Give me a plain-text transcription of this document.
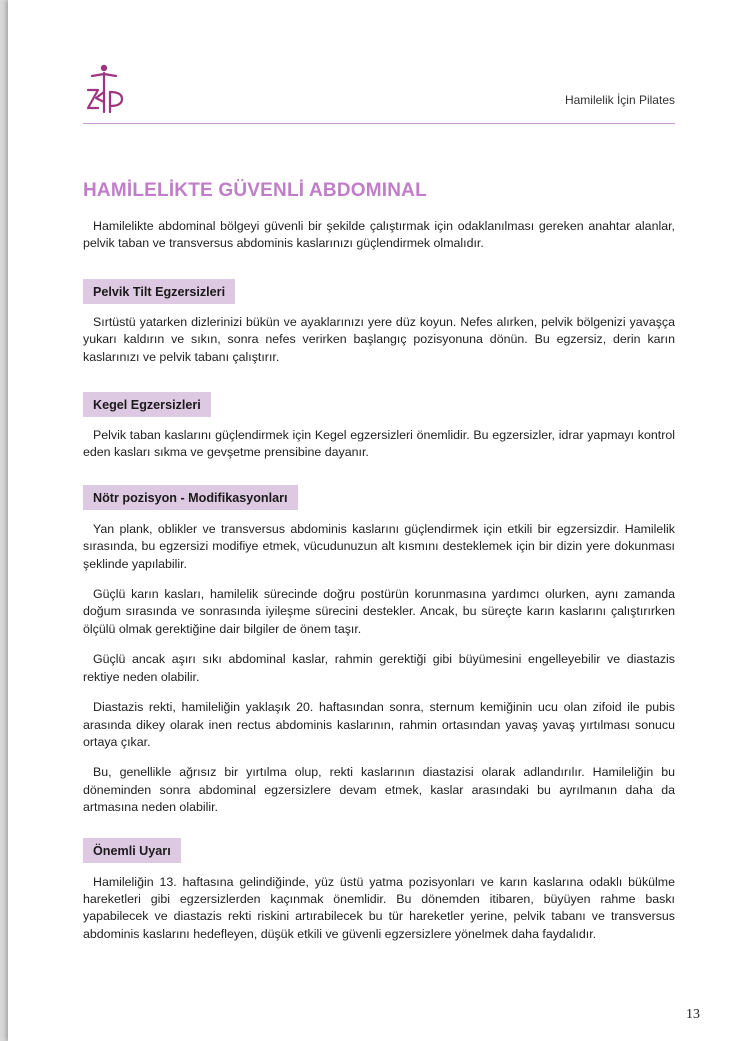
Hamilelik İçin Pilates
HAMİLELİKTE GÜVENLİ ABDOMINAL

Hamilelikte abdominal bölgeyi güvenli bir şekilde çalıştırmak için odaklanılması gereken anahtar alanlar, pelvik taban ve transversus abdominis kaslarınızı güçlendirmek olmalıdır.

Pelvik Tilt Egzersizleri

Sırtüstü yatarken dizlerinizi bükün ve ayaklarınızı yere düz koyun. Nefes alırken, pelvik bölgenizi yavaşça yukarı kaldırın ve sıkın, sonra nefes verirken başlangıç pozisyonuna dönün. Bu egzersiz, derin karın kaslarınızı ve pelvik tabanı çalıştırır.

Kegel Egzersizleri

Pelvik taban kaslarını güçlendirmek için Kegel egzersizleri önemlidir. Bu egzersizler, idrar yapmayı kontrol eden kasları sıkma ve gevşetme prensibine dayanır.

Nötr pozisyon - Modifikasyonları

Yan plank, oblikler ve transversus abdominis kaslarını güçlendirmek için etkili bir egzersizdir. Hamilelik sırasında, bu egzersizi modifiye etmek, vücudunuzun alt kısmını desteklemek için bir dizin yere dokunması şeklinde yapılabilir.

Güçlü karın kasları, hamilelik sürecinde doğru postürün korunmasına yardımcı olurken, aynı zamanda doğum sırasında ve sonrasında iyileşme sürecini destekler. Ancak, bu süreçte karın kaslarını çalıştırırken ölçülü olmak gerektiğine dair bilgiler de önem taşır.

Güçlü ancak aşırı sıkı abdominal kaslar, rahmin gerektiği gibi büyümesini engelleyebilir ve diastazis rektiye neden olabilir.

Diastazis rekti, hamileliğin yaklaşık 20. haftasından sonra, sternum kemiğinin ucu olan zifoid ile pubis arasında dikey olarak inen rectus abdominis kaslarının, rahmin ortasından yavaş yavaş yırtılması sonucu ortaya çıkar.

Bu, genellikle ağrısız bir yırtılma olup, rekti kaslarının diastazisi olarak adlandırılır. Hamileliğin bu döneminden sonra abdominal egzersizlere devam etmek, kaslar arasındaki bu ayrılmanın daha da artmasına neden olabilir.

Önemli Uyarı

Hamileliğin 13. haftasına gelindiğinde, yüz üstü yatma pozisyonları ve karın kaslarına odaklı bükülme hareketleri gibi egzersizlerden kaçınmak önemlidir. Bu dönemden itibaren, büyüyen rahme baskı yapabilecek ve diastazis rekti riskini artırabilecek bu tür hareketler yerine, pelvik tabanı ve transversus abdominis kaslarını hedefleyen, düşük etkili ve güvenli egzersizlere yönelmek daha faydalıdır.

13
